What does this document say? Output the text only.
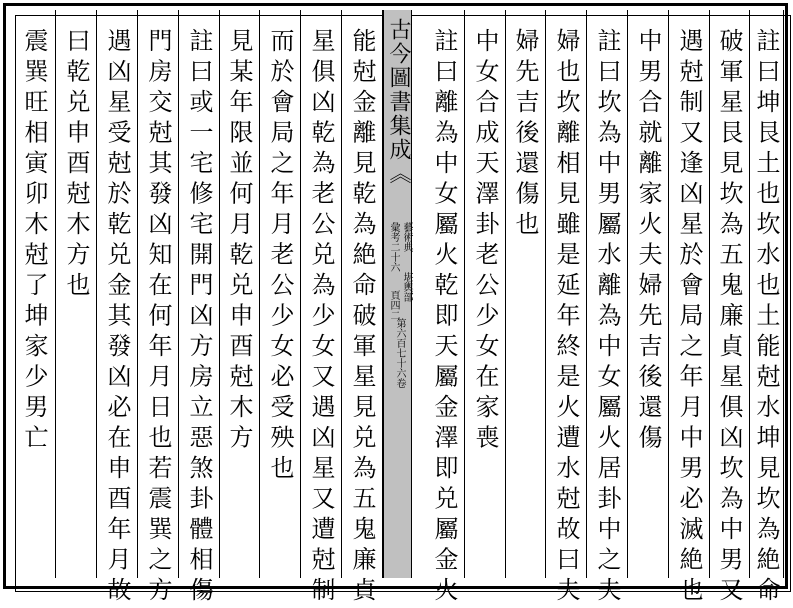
註曰坤艮土也坎水也土能尅水坤見坎為絶命
破軍星艮見坎為五鬼廉貞星俱凶坎為中男又
遇尅制又逢凶星於會局之年月中男必滅絶也
中男合就離家火夫婦先吉後還傷
註曰坎為中男屬水離為中女屬火居卦中之夫
婦也坎離相見雖是延年終是火遭水尅故曰夫
婦先吉後還傷也
中女合成天澤卦老公少女在家喪
註曰離為中女屬火乾即天屬金澤即兑屬金火
古今圖書集成《
藝術典
彙考二十六
堪輿部
頁四二
第六百七十六卷
能尅金離見乾為絶命破軍星見兑為五鬼廉貞
星俱凶乾為老公兑為少女又遇凶星又遭尅制
而於會局之年月老公少女必受殃也
見某年限並何月乾兑申酉尅木方
註曰或一宅修宅開門凶方房立惡煞卦體相傷
門房交尅其發凶知在何年月日也若震巽之方
遇凶星受尅於乾兑金其發凶必在申酉年月故
曰乾兑申酉尅木方也
震巽旺相寅卯木尅了坤家少男亡
